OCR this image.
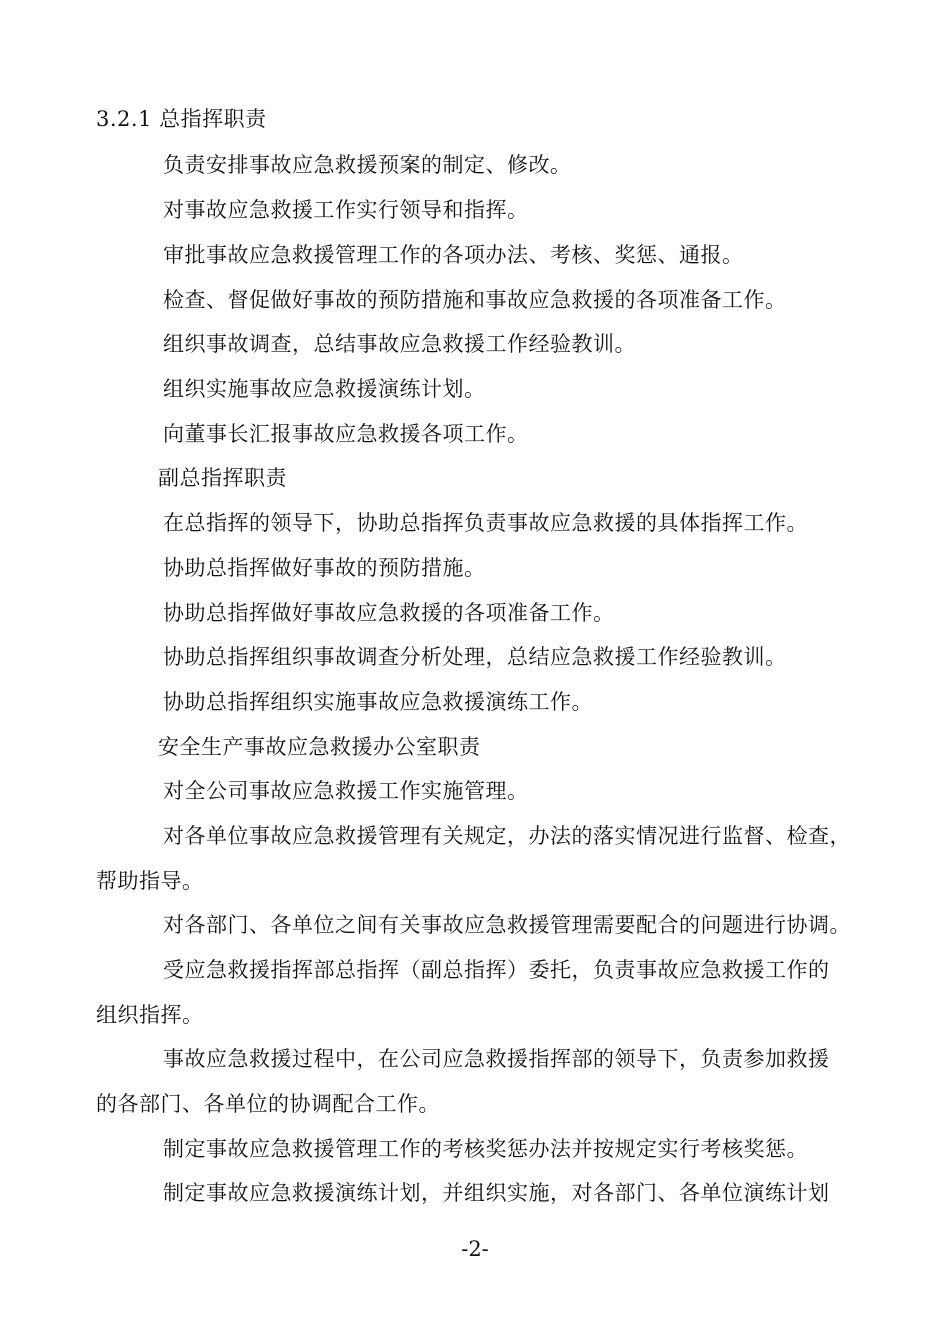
3.2.1 总指挥职责
负责安排事故应急救援预案的制定、修改。
对事故应急救援工作实行领导和指挥。
审批事故应急救援管理工作的各项办法、考核、奖惩、通报。
检查、督促做好事故的预防措施和事故应急救援的各项准备工作。
组织事故调查，总结事故应急救援工作经验教训。
组织实施事故应急救援演练计划。
向董事长汇报事故应急救援各项工作。
副总指挥职责
在总指挥的领导下，协助总指挥负责事故应急救援的具体指挥工作。
协助总指挥做好事故的预防措施。
协助总指挥做好事故应急救援的各项准备工作。
协助总指挥组织事故调查分析处理，总结应急救援工作经验教训。
协助总指挥组织实施事故应急救援演练工作。
安全生产事故应急救援办公室职责
对全公司事故应急救援工作实施管理。
对各单位事故应急救援管理有关规定，办法的落实情况进行监督、检查，
帮助指导。
对各部门、各单位之间有关事故应急救援管理需要配合的问题进行协调。
受应急救援指挥部总指挥（副总指挥）委托，负责事故应急救援工作的
组织指挥。
事故应急救援过程中，在公司应急救援指挥部的领导下，负责参加救援
的各部门、各单位的协调配合工作。
制定事故应急救援管理工作的考核奖惩办法并按规定实行考核奖惩。
制定事故应急救援演练计划，并组织实施，对各部门、各单位演练计划
-2-
